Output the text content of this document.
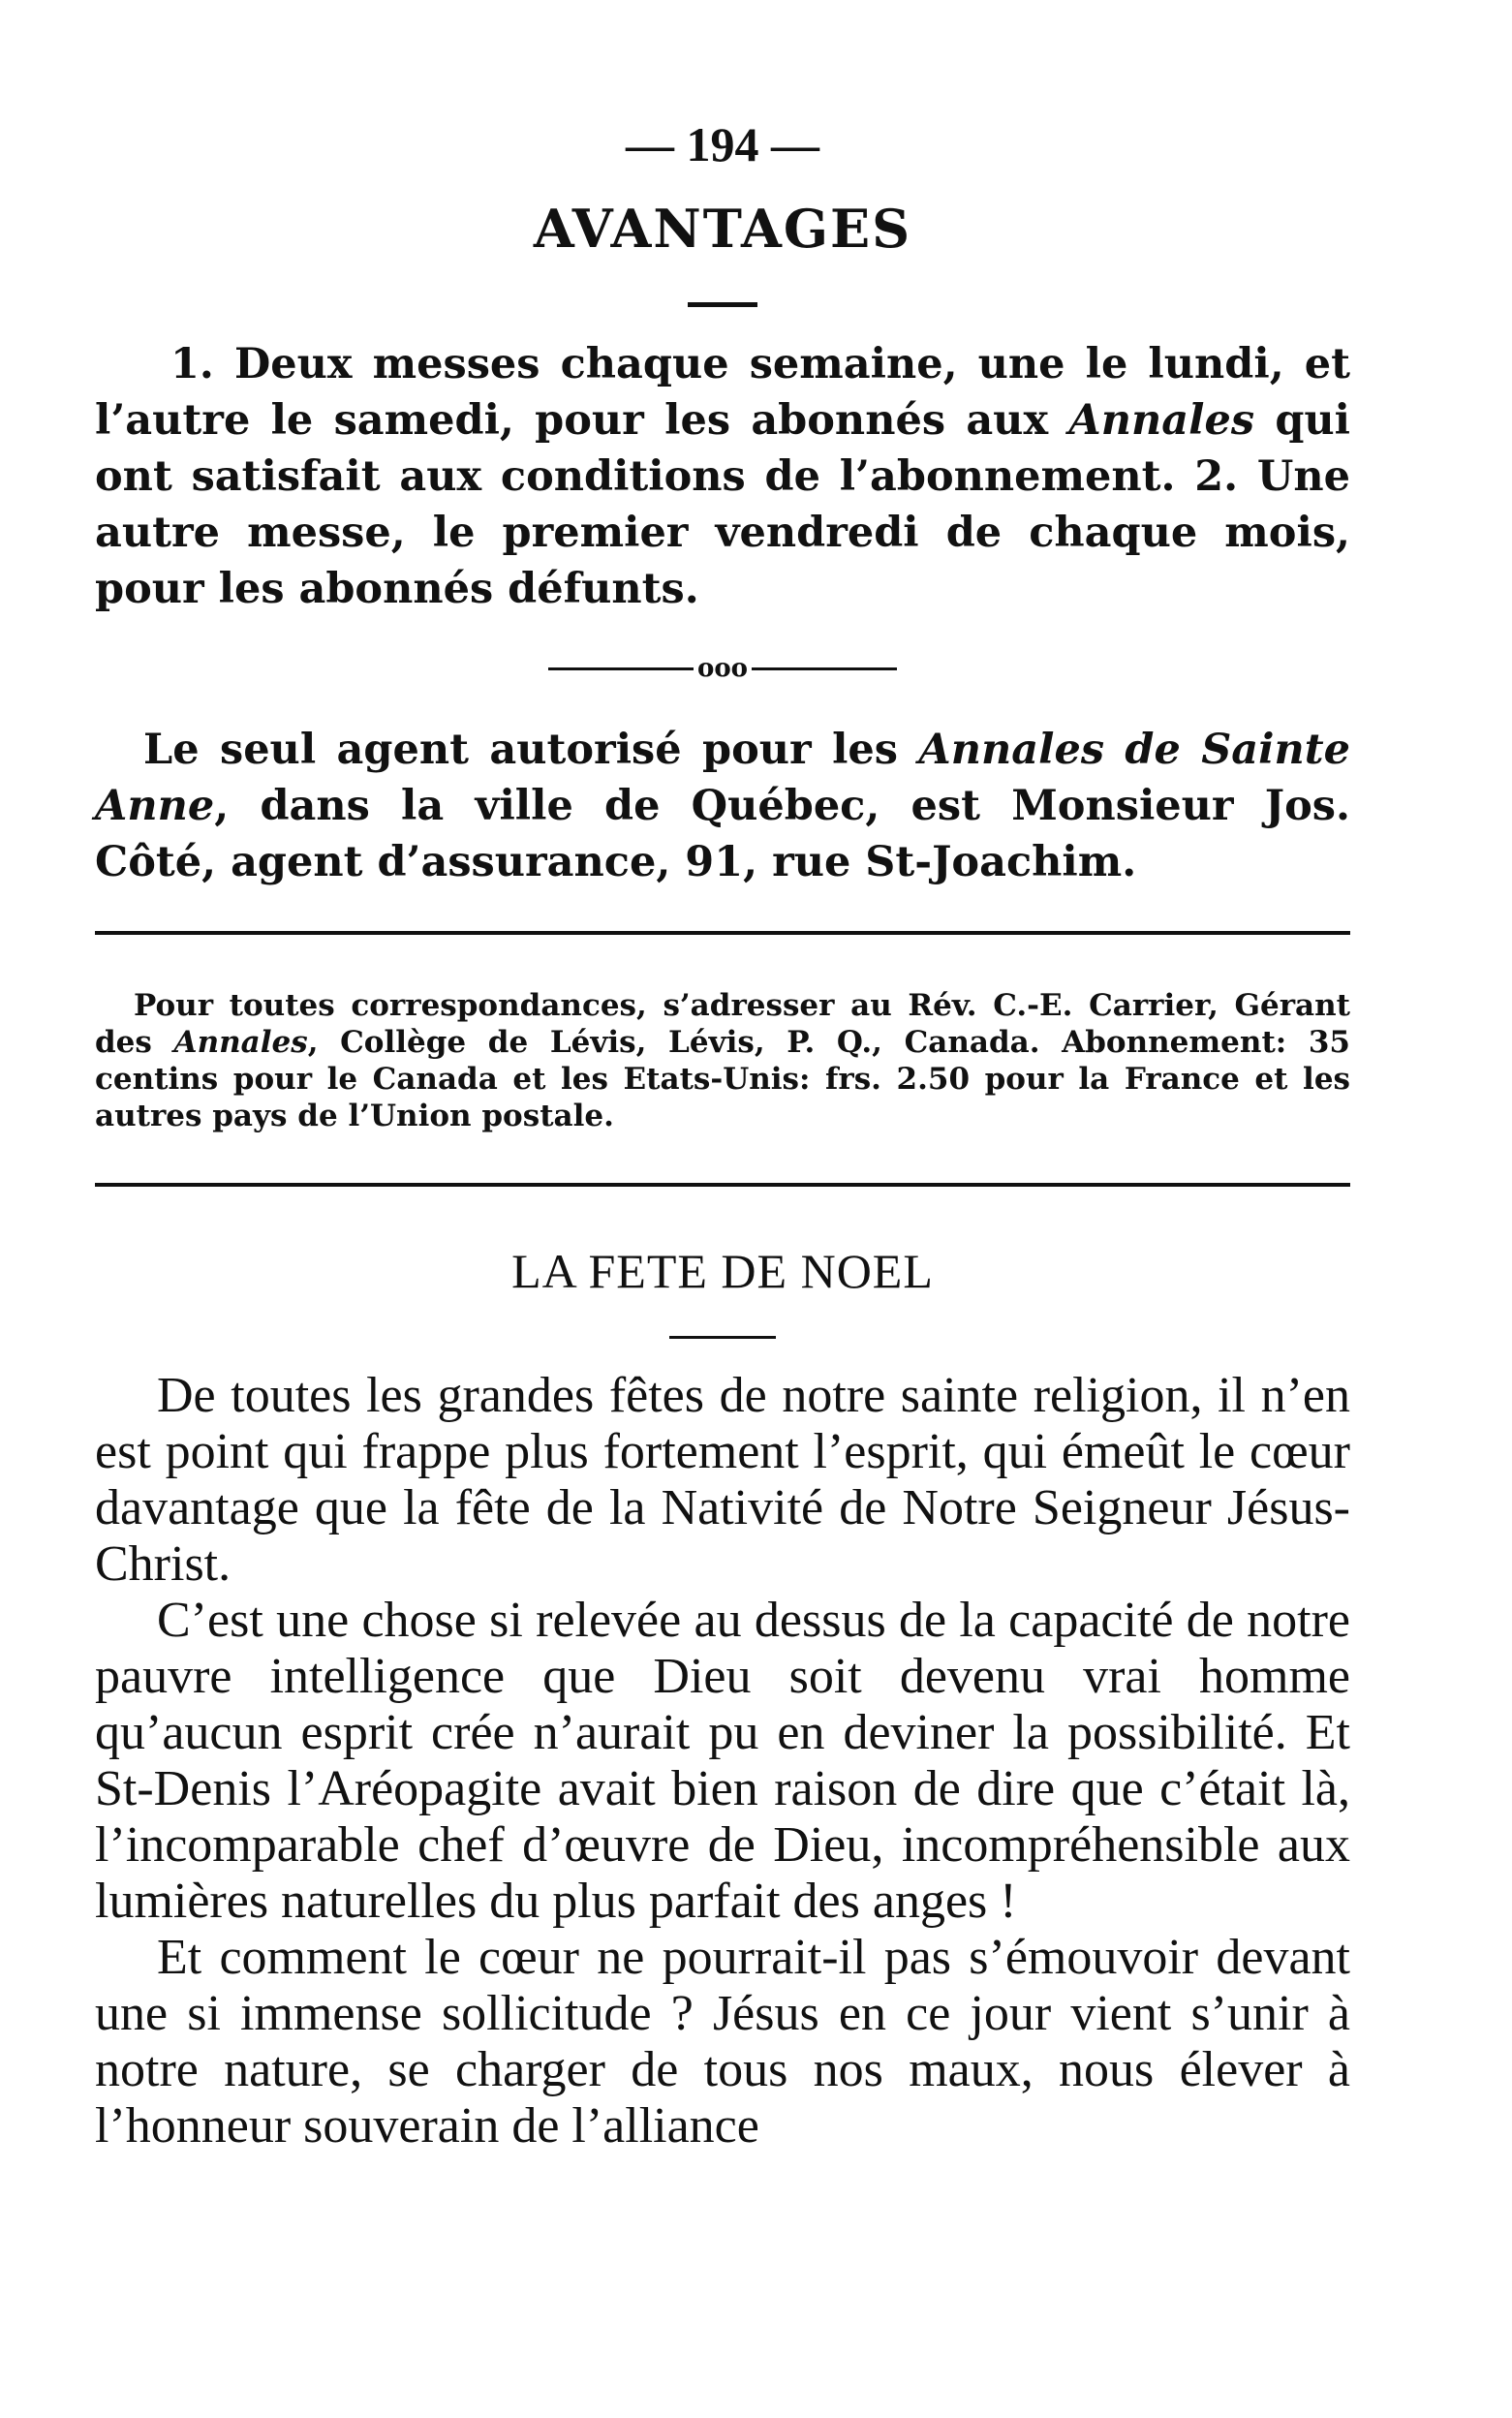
— 194 —
AVANTAGES

1. Deux messes chaque semaine, une le lundi, et l’autre le samedi, pour les abonnés aux Annales qui ont satisfait aux conditions de l’abonnement. 2. Une autre messe, le premier vendredi de chaque mois, pour les abonnés défunts.

ooo

Le seul agent autorisé pour les Annales de Sainte Anne, dans la ville de Québec, est Monsieur Jos. Côté, agent d’assurance, 91, rue St-Joachim.

Pour toutes correspondances, s’adresser au Rév. C.-E. Carrier, Gérant des Annales, Collège de Lévis, Lévis, P. Q., Canada. Abonnement: 35 centins pour le Canada et les Etats-Unis: frs. 2.50 pour la France et les autres pays de l’Union postale.

LA FETE DE NOEL

De toutes les grandes fêtes de notre sainte religion, il n’en est point qui frappe plus fortement l’esprit, qui émeût le cœur davantage que la fête de la Nativité de Notre Seigneur Jésus-Christ.

C’est une chose si relevée au dessus de la capacité de notre pauvre intelligence que Dieu soit devenu vrai homme qu’aucun esprit crée n’aurait pu en deviner la possibilité. Et St-Denis l’Aréopagite avait bien raison de dire que c’était là, l’incomparable chef d’œuvre de Dieu, incompréhensible aux lumières naturelles du plus parfait des anges !

Et comment le cœur ne pourrait-il pas s’émouvoir devant une si immense sollicitude ? Jésus en ce jour vient s’unir à notre nature, se charger de tous nos maux, nous élever à l’honneur souverain de l’alliance
